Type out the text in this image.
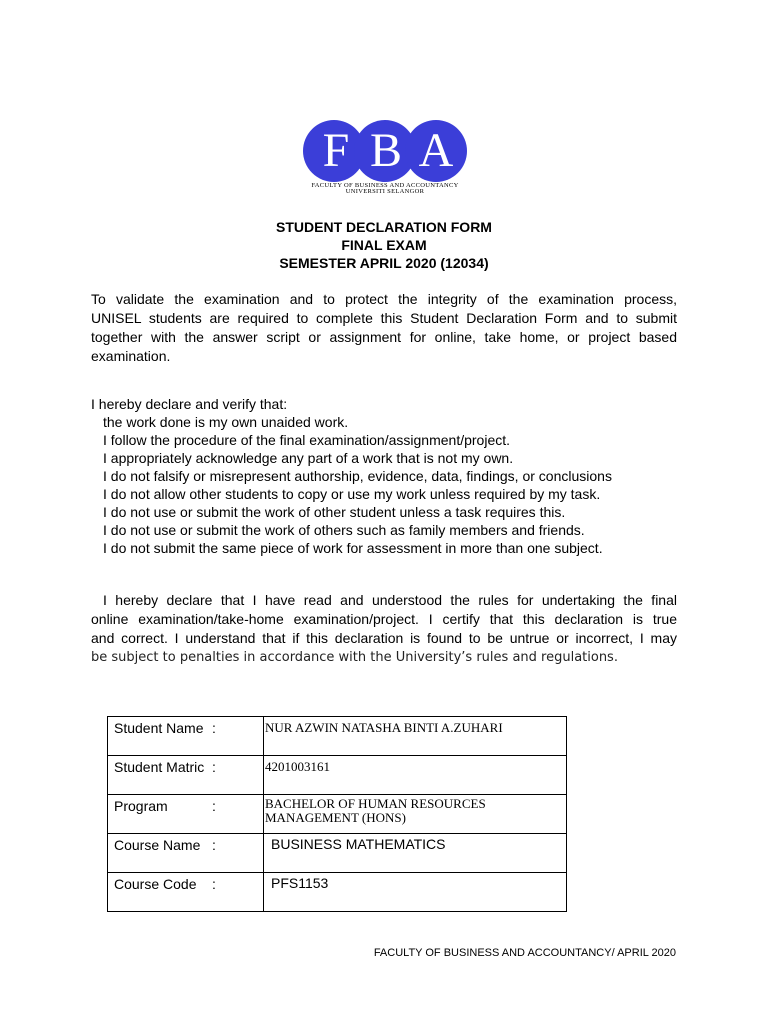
F B A
FACULTY OF BUSINESS AND ACCOUNTANCY
UNIVERSITI SELANGOR
STUDENT DECLARATION FORM
FINAL EXAM
SEMESTER APRIL 2020 (12034)
To validate the examination and to protect the integrity of the examination process,
UNISEL students are required to complete this Student Declaration Form and to submit
together with the answer script or assignment for online, take home, or project based
examination.
I hereby declare and verify that:
the work done is my own unaided work.
I follow the procedure of the final examination/assignment/project.
I appropriately acknowledge any part of a work that is not my own.
I do not falsify or misrepresent authorship, evidence, data, findings, or conclusions
I do not allow other students to copy or use my work unless required by my task.
I do not use or submit the work of other student unless a task requires this.
I do not use or submit the work of others such as family members and friends.
I do not submit the same piece of work for assessment in more than one subject.
I hereby declare that I have read and understood the rules for undertaking the final
online examination/take-home examination/project. I certify that this declaration is true
and correct. I understand that if this declaration is found to be untrue or incorrect, I may
be subject to penalties in accordance with the University’s rules and regulations.
Student Name :	NUR AZWIN NATASHA BINTI A.ZUHARI
Student Matric :	4201003161
Program :	BACHELOR OF HUMAN RESOURCES MANAGEMENT (HONS)

Course Name :	BUSINESS MATHEMATICS

Course Code :	PFS1153
FACULTY OF BUSINESS AND ACCOUNTANCY/ APRIL 2020
